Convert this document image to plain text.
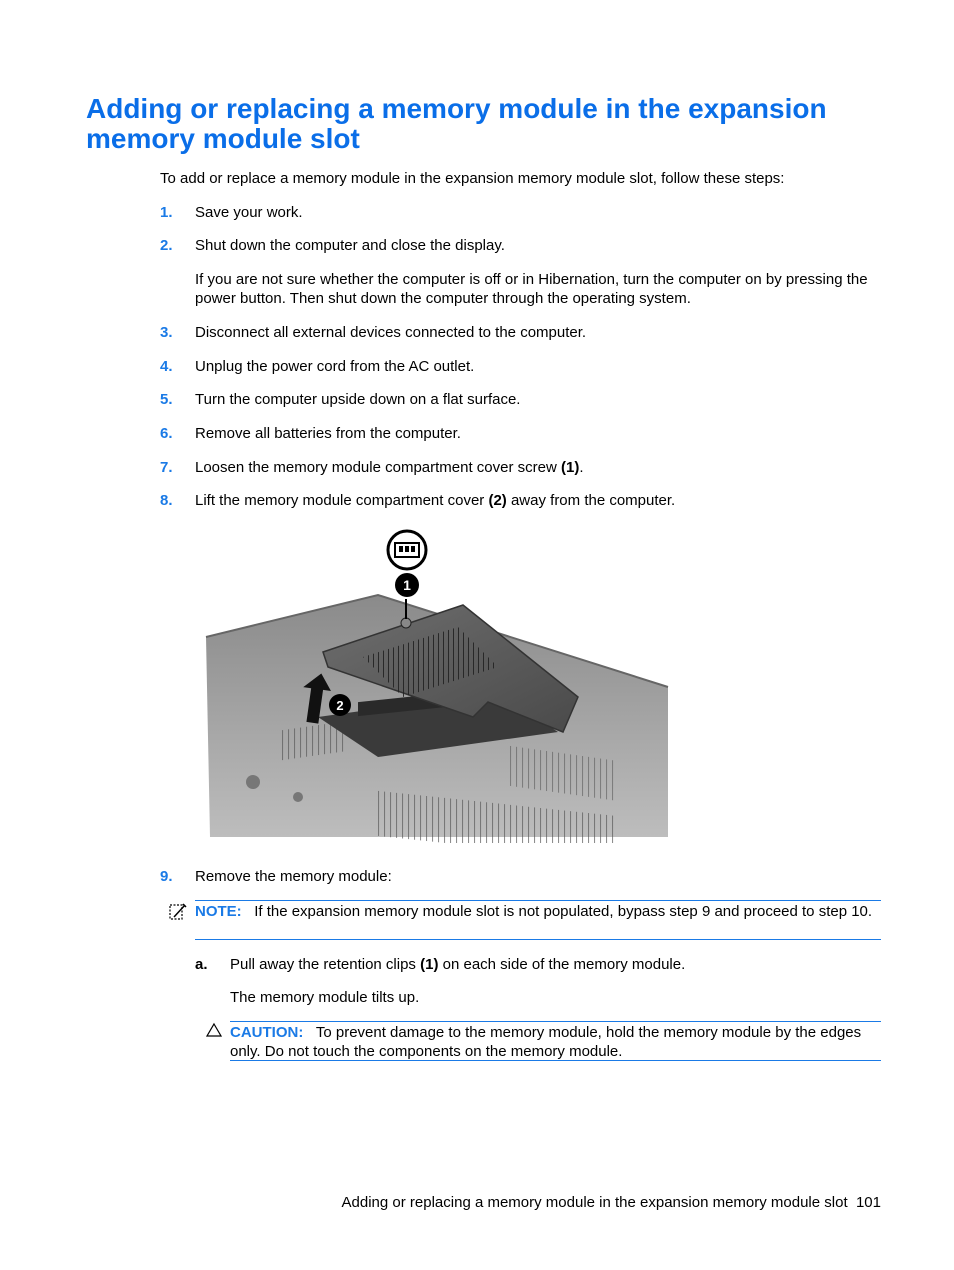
Adding or replacing a memory module in the expansion memory module slot

To add or replace a memory module in the expansion memory module slot, follow these steps:

1. Save your work.
2. Shut down the computer and close the display.

If you are not sure whether the computer is off or in Hibernation, turn the computer on by pressing the power button. Then shut down the computer through the operating system.

3. Disconnect all external devices connected to the computer.
4. Unplug the power cord from the AC outlet.
5. Turn the computer upside down on a flat surface.
6. Remove all batteries from the computer.
7. Loosen the memory module compartment cover screw (1).
8. Lift the memory module compartment cover (2) away from the computer.
1
2
9. Remove the memory module:

NOTE: If the expansion memory module slot is not populated, bypass step 9 and proceed to step 10.

a. Pull away the retention clips (1) on each side of the memory module.

The memory module tilts up.

CAUTION: To prevent damage to the memory module, hold the memory module by the edges only. Do not touch the components on the memory module.

Adding or replacing a memory module in the expansion memory module slot 101
